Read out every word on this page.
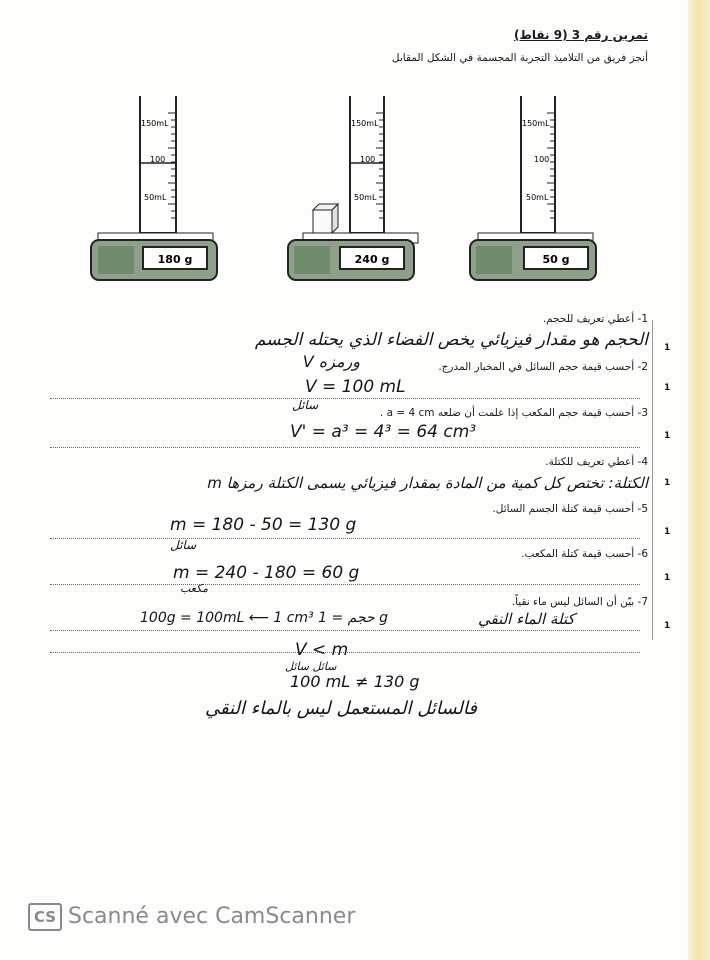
تمرين رقم 3 (9 نقاط)
أنجز فريق من التلاميذ التجربة المجسمة في الشكل المقابل
150mL
100
50mL
180 g
150mL
100
50mL
240 g
150mL
100
50mL
50 g
1- أعطي تعريف للحجم.
1
الحجم هو مقدار فيزيائي يخص الفضاء الذي يحتله الجسم
ورمزه V	2- أحسب قيمة حجم السائل في المخبار المدرج.
1
V = 100 mL
سائل
3- أحسب قيمة حجم المكعب إذا علمت أن ضلعه a = 4 cm .
1
V' = a³ = 4³ = 64 cm³
4- أعطي تعريف للكتلة.
1
الكتلة: تختص كل كمية من المادة بمقدار فيزيائي يسمى الكتلة رمزها m
5- أحسب قيمة كتلة الجسم السائل.
1
m = 180 - 50 = 130 g
سائل
6- أحسب قيمة كتلة المكعب.
1
m = 240 - 180 = 60 g
مكعب
7- بيّن أن السائل ليس ماء نقياً.
1
100g = 100mL ⟵ 1 cm³ حجم = 1 g	كتلة الماء النقي
V < m
سائل سائل
100 mL ≠ 130 g
فالسائل المستعمل ليس بالماء النقي
CS Scanné avec CamScanner
